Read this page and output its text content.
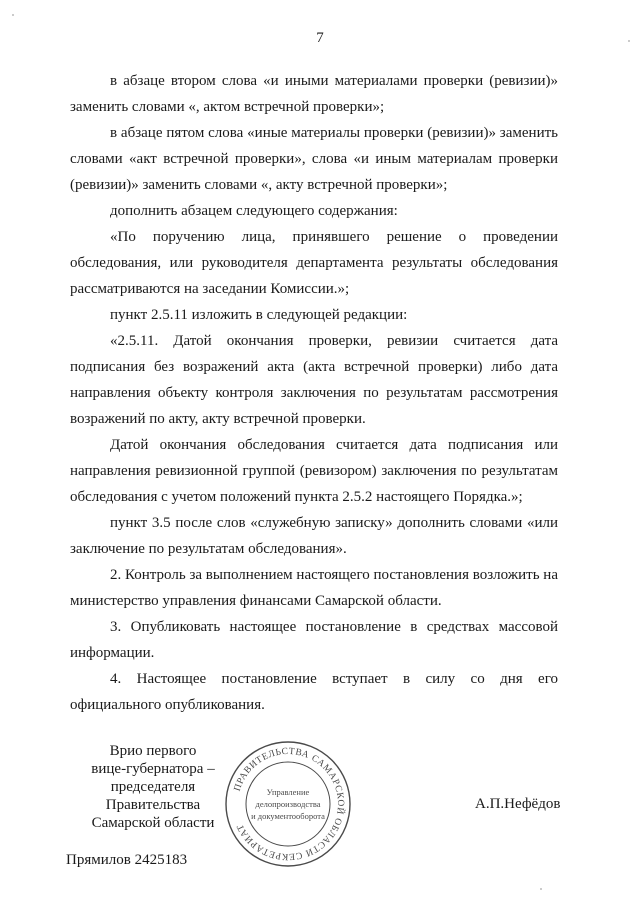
7

в абзаце втором слова «и иными материалами проверки (ревизии)» заменить словами «, актом встречной проверки»;

в абзаце пятом слова «иные материалы проверки (ревизии)» заменить словами «акт встречной проверки», слова «и иным материалам проверки (ревизии)» заменить словами «, акту встречной проверки»;

дополнить абзацем следующего содержания:

«По поручению лица, принявшего решение о проведении обследования, или руководителя департамента результаты обследования рассматриваются на заседании Комиссии.»;

пункт 2.5.11 изложить в следующей редакции:

«2.5.11. Датой окончания проверки, ревизии считается дата подписания без возражений акта (акта встречной проверки) либо дата направления объекту контроля заключения по результатам рассмотрения возражений по акту, акту встречной проверки.

Датой окончания обследования считается дата подписания или направления ревизионной группой (ревизором) заключения по результатам обследования с учетом положений пункта 2.5.2 настоящего Порядка.»;

пункт 3.5 после слов «служебную записку» дополнить словами «или заключение по результатам обследования».

2. Контроль за выполнением настоящего постановления возложить на министерство управления финансами Самарской области.

3. Опубликовать настоящее постановление в средствах массовой информации.

4. Настоящее постановление вступает в силу со дня его официального опубликования.

Врио первого
вице-губернатора –
председателя Правительства
Самарской области
ПРАВИТЕЛЬСТВА САМАРСКОЙ ОБЛАСТИ СЕКРЕТАРИАТ
Управление
делопроизводства
и документооборота
А.П.Нефёдов
Прямилов 2425183
